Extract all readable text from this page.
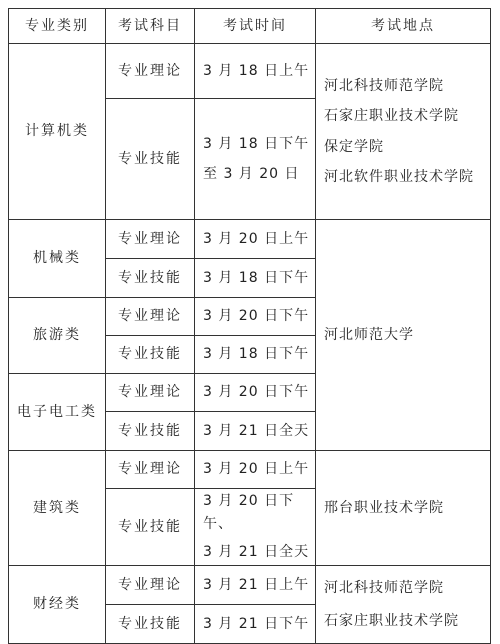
专业类别	考试科目	考试时间	考试地点
计算机类	专业理论	3 月 18 日上午	河北科技师范学院
石家庄职业技术学院
保定学院
河北软件职业技术学院

	专业技能	3 月 18 日下午
至 3 月 20 日	

机械类	专业理论	3 月 20 日上午	河北师范大学

	专业技能	3 月 18 日下午	

旅游类	专业理论	3 月 20 日下午	

	专业技能	3 月 18 日下午	

电子电工类	专业理论	3 月 20 日下午	

	专业技能	3 月 21 日全天	

建筑类	专业理论	3 月 20 日上午	邢台职业技术学院

	专业技能	3 月 20 日下午、
3 月 21 日全天	

财经类	专业理论	3 月 21 日上午	河北科技师范学院
石家庄职业技术学院

	专业技能	3 月 21 日下午	
